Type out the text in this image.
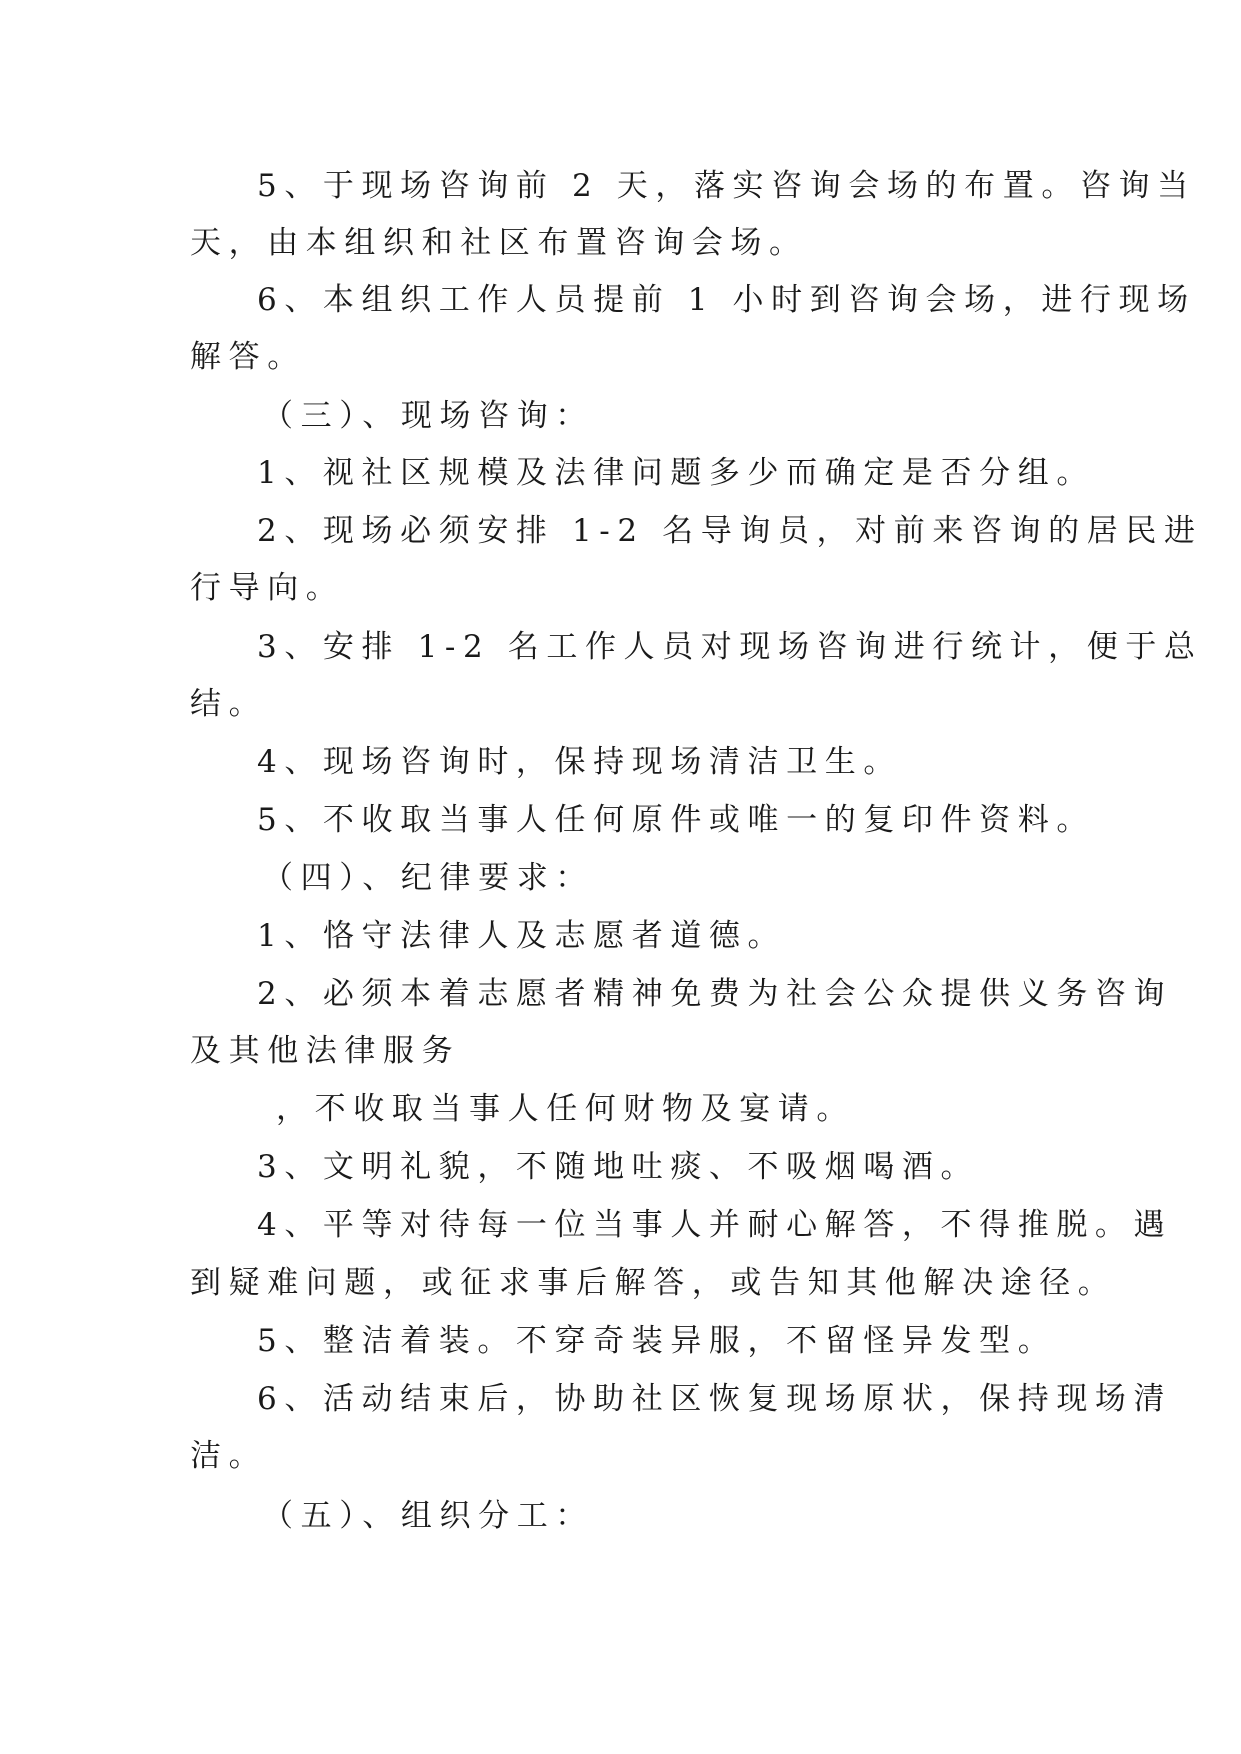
5、于现场咨询前 2 天，落实咨询会场的布置。咨询当
天，由本组织和社区布置咨询会场。
6、本组织工作人员提前 1 小时到咨询会场，进行现场
解答。
（三）、现场咨询：
1、视社区规模及法律问题多少而确定是否分组。
2、现场必须安排 1-2 名导询员，对前来咨询的居民进
行导向。
3、安排 1-2 名工作人员对现场咨询进行统计，便于总
结。
4、现场咨询时，保持现场清洁卫生。
5、不收取当事人任何原件或唯一的复印件资料。
（四）、纪律要求：
1、恪守法律人及志愿者道德。
2、必须本着志愿者精神免费为社会公众提供义务咨询
及其他法律服务
，不收取当事人任何财物及宴请。
3、文明礼貌，不随地吐痰、不吸烟喝酒。
4、平等对待每一位当事人并耐心解答，不得推脱。遇
到疑难问题，或征求事后解答，或告知其他解决途径。
5、整洁着装。不穿奇装异服，不留怪异发型。
6、活动结束后，协助社区恢复现场原状，保持现场清
洁。
（五）、组织分工：
